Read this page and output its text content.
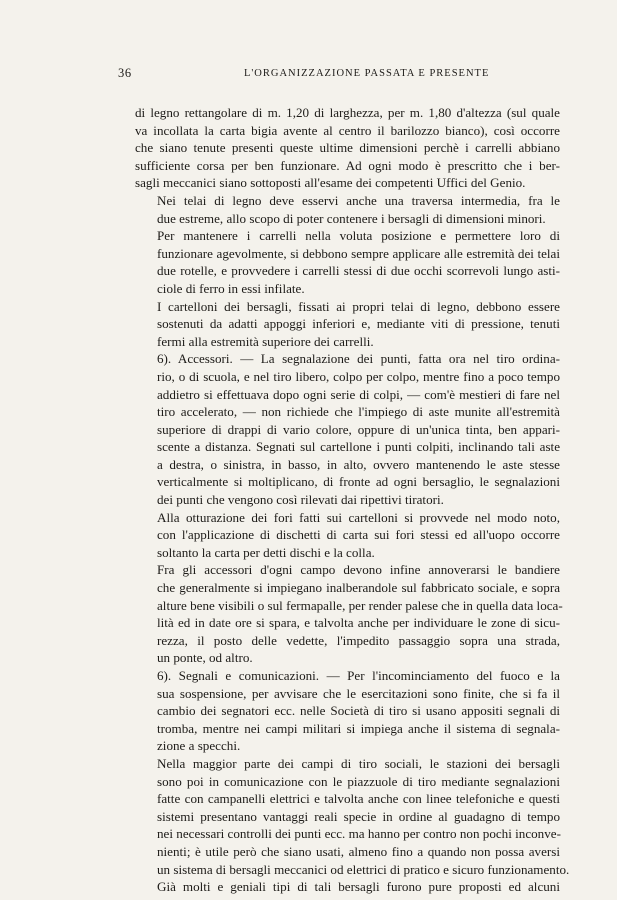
36	L'ORGANIZZAZIONE PASSATA E PRESENTE

di legno rettangolare di m. 1,20 di larghezza, per m. 1,80 d'altezza (sul quale
va incollata la carta bigia avente al centro il barilozzo bianco), così occorre
che siano tenute presenti queste ultime dimensioni perchè i carrelli abbiano
sufficiente corsa per ben funzionare. Ad ogni modo è prescritto che i ber-
sagli meccanici siano sottoposti all'esame dei competenti Uffici del Genio.

Nei telai di legno deve esservi anche una traversa intermedia, fra le
due estreme, allo scopo di poter contenere i bersagli di dimensioni minori.

Per mantenere i carrelli nella voluta posizione e permettere loro di
funzionare agevolmente, si debbono sempre applicare alle estremità dei telai
due rotelle, e provvedere i carrelli stessi di due occhi scorrevoli lungo asti-
ciole di ferro in essi infilate.

I cartelloni dei bersagli, fissati ai propri telai di legno, debbono essere
sostenuti da adatti appoggi inferiori e, mediante viti di pressione, tenuti
fermi alla estremità superiore dei carrelli.

6). Accessori. — La segnalazione dei punti, fatta ora nel tiro ordina-
rio, o di scuola, e nel tiro libero, colpo per colpo, mentre fino a poco tempo
addietro si effettuava dopo ogni serie di colpi, — com'è mestieri di fare nel
tiro accelerato, — non richiede che l'impiego di aste munite all'estremità
superiore di drappi di vario colore, oppure di un'unica tinta, ben appari-
scente a distanza. Segnati sul cartellone i punti colpiti, inclinando tali aste
a destra, o sinistra, in basso, in alto, ovvero mantenendo le aste stesse
verticalmente si moltiplicano, di fronte ad ogni bersaglio, le segnalazioni
dei punti che vengono così rilevati dai ripettivi tiratori.

Alla otturazione dei fori fatti sui cartelloni si provvede nel modo noto,
con l'applicazione di dischetti di carta sui fori stessi ed all'uopo occorre
soltanto la carta per detti dischi e la colla.

Fra gli accessori d'ogni campo devono infine annoverarsi le bandiere
che generalmente si impiegano inalberandole sul fabbricato sociale, e sopra
alture bene visibili o sul fermapalle, per render palese che in quella data loca-
lità ed in date ore si spara, e talvolta anche per individuare le zone di sicu-
rezza, il posto delle vedette, l'impedito passaggio sopra una strada,
un ponte, od altro.

6). Segnali e comunicazioni. — Per l'incominciamento del fuoco e la
sua sospensione, per avvisare che le esercitazioni sono finite, che si fa il
cambio dei segnatori ecc. nelle Società di tiro si usano appositi segnali di
tromba, mentre nei campi militari si impiega anche il sistema di segnala-
zione a specchi.

Nella maggior parte dei campi di tiro sociali, le stazioni dei bersagli
sono poi in comunicazione con le piazzuole di tiro mediante segnalazioni
fatte con campanelli elettrici e talvolta anche con linee telefoniche e questi
sistemi presentano vantaggi reali specie in ordine al guadagno di tempo
nei necessari controlli dei punti ecc. ma hanno per contro non pochi inconve-
nienti; è utile però che siano usati, almeno fino a quando non possa aversi
un sistema di bersagli meccanici od elettrici di pratico e sicuro funzionamento.

Già molti e geniali tipi di tali bersagli furono pure proposti ed alcuni
